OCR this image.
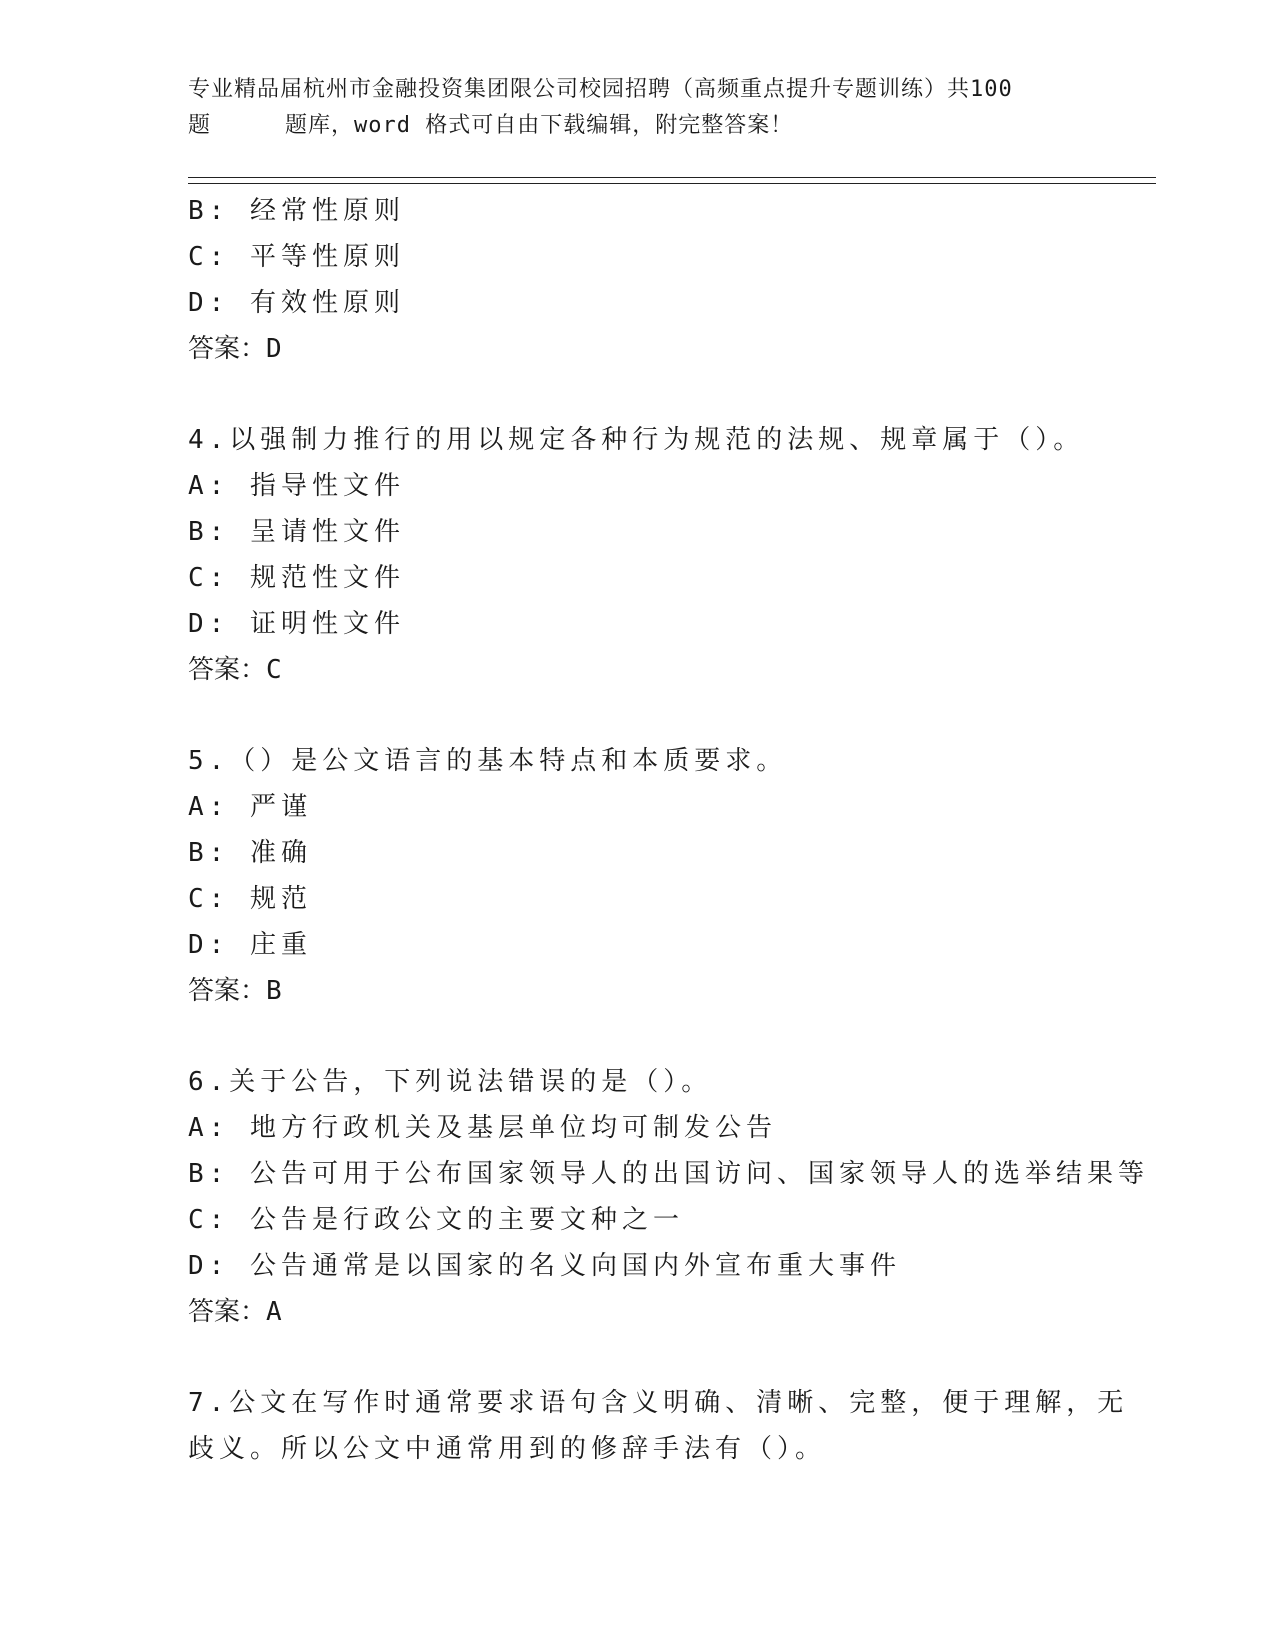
专业精品届杭州市金融投资集团限公司校园招聘（高频重点提升专题训练）共100
题	题库，word 格式可自由下载编辑，附完整答案！
B: 经常性原则
C: 平等性原则
D: 有效性原则
答案：D
4.以强制力推行的用以规定各种行为规范的法规、规章属于（）。
A: 指导性文件
B: 呈请性文件
C: 规范性文件
D: 证明性文件
答案：C
5.（）是公文语言的基本特点和本质要求。
A: 严谨
B: 准确
C: 规范
D: 庄重
答案：B
6.关于公告，下列说法错误的是（）。
A: 地方行政机关及基层单位均可制发公告
B: 公告可用于公布国家领导人的出国访问、国家领导人的选举结果等
C: 公告是行政公文的主要文种之一
D: 公告通常是以国家的名义向国内外宣布重大事件
答案：A
7.公文在写作时通常要求语句含义明确、清晰、完整，便于理解，无
歧义。所以公文中通常用到的修辞手法有（）。
